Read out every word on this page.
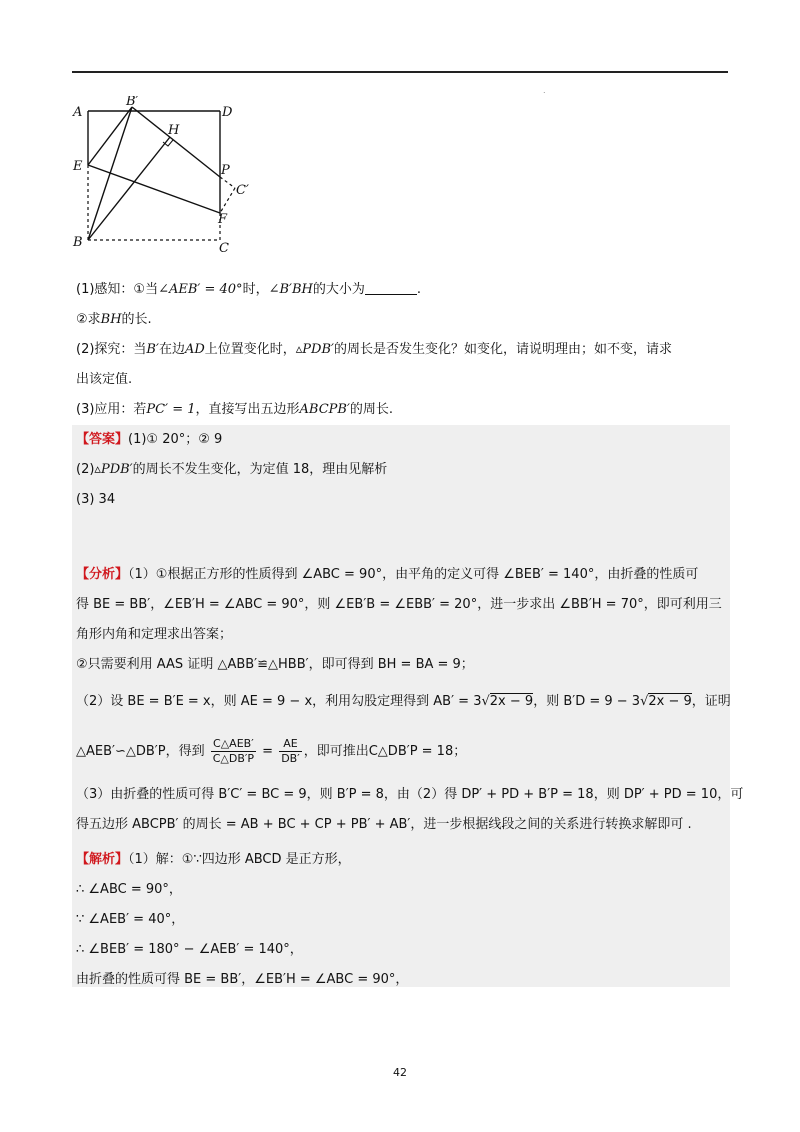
.
A
B′
D
H
E	P
C′
F
B	C
(1)感知：①当∠AEB′ = 40°时，∠B′BH的大小为	.
②求BH的长.
(2)探究：当B′在边AD上位置变化时，▵PDB′的周长是否发生变化？如变化，请说明理由；如不变，请求
出该定值.
(3)应用：若PC′ = 1，直接写出五边形ABCPB′的周长.
【答案】(1)① 20°；② 9
(2)▵PDB′的周长不发生变化，为定值 18，理由见解析
(3) 34
【分析】（1）①根据正方形的性质得到 ∠ABC = 90°，由平角的定义可得 ∠BEB′ = 140°，由折叠的性质可
得 BE = BB′，∠EB′H = ∠ABC = 90°，则 ∠EB′B = ∠EBB′ = 20°，进一步求出 ∠BB′H = 70°，即可利用三
角形内角和定理求出答案；
②只需要利用 AAS 证明 △ABB′≌△HBB′，即可得到 BH = BA = 9；
（2）设 BE = B′E = x，则 AE = 9 − x，利用勾股定理得到 AB′ = 3√2x − 9，则 B′D = 9 − 3√2x − 9，证明
△AEB′∽△DB′P，得到 $\frac{\text{C△AEB′}}{C\triangle DB'P} = \frac{AE}{DB'}$ ，即可推出C△DB′P = 18；
（3）由折叠的性质可得 B′C′ = BC = 9，则 B′P = 8，由（2）得 DP′ + PD + B′P = 18，则 DP′ + PD = 10，可
得五边形 ABCPB′ 的周长 = AB + BC + CP + PB′ + AB′，进一步根据线段之间的关系进行转换求解即可 .
【解析】（1）解：①∵四边形 ABCD 是正方形，
∴ ∠ABC = 90°，
∵ ∠AEB′ = 40°，
∴ ∠BEB′ = 180° − ∠AEB′ = 140°，
由折叠的性质可得 BE = BB′，∠EB′H = ∠ABC = 90°，
42
